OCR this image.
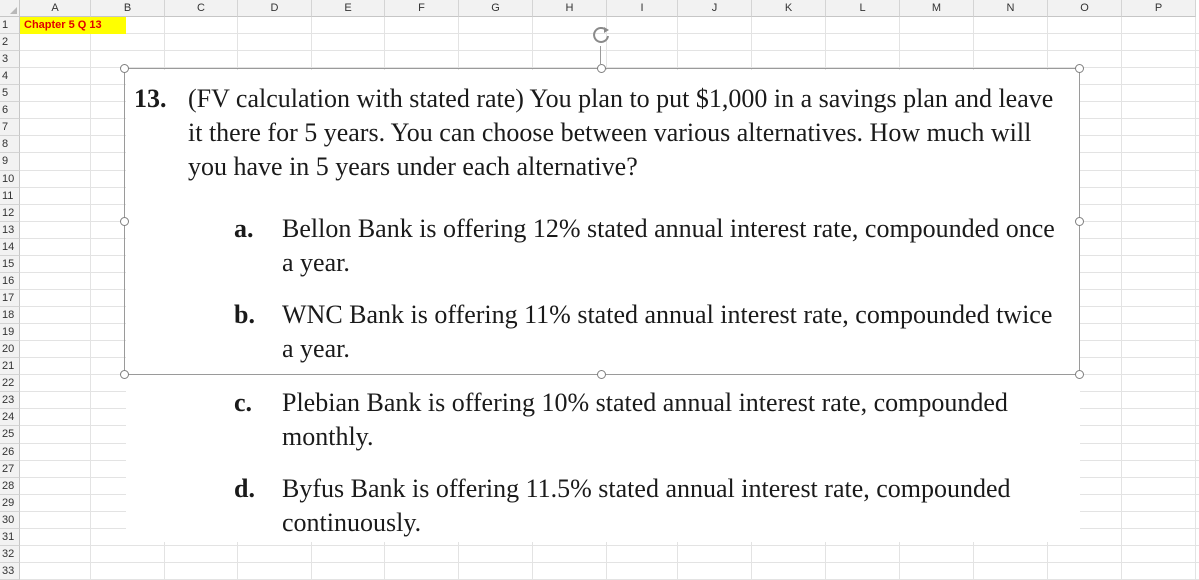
A	B	C	D	E	F	G	H	I	J	K	L	M	N	O	P
1
2
3
4
5
6
7
8
9
10
11
12
13
14
15
16
17
18
19
20
21
22
23
24
25
26
27
28
29
30
31
32
33
Chapter 5 Q 13
13. (FV calculation with stated rate) You plan to put $1,000 in a savings plan and leave it there for 5 years. You can choose between various alternatives. How much will you have in 5 years under each alternative?
a. Bellon Bank is offering 12% stated annual interest rate, compounded once a year.
b. WNC Bank is offering 11% stated annual interest rate, compounded twice a year.
c. Plebian Bank is offering 10% stated annual interest rate, compounded monthly.
d. Byfus Bank is offering 11.5% stated annual interest rate, compounded continuously.
